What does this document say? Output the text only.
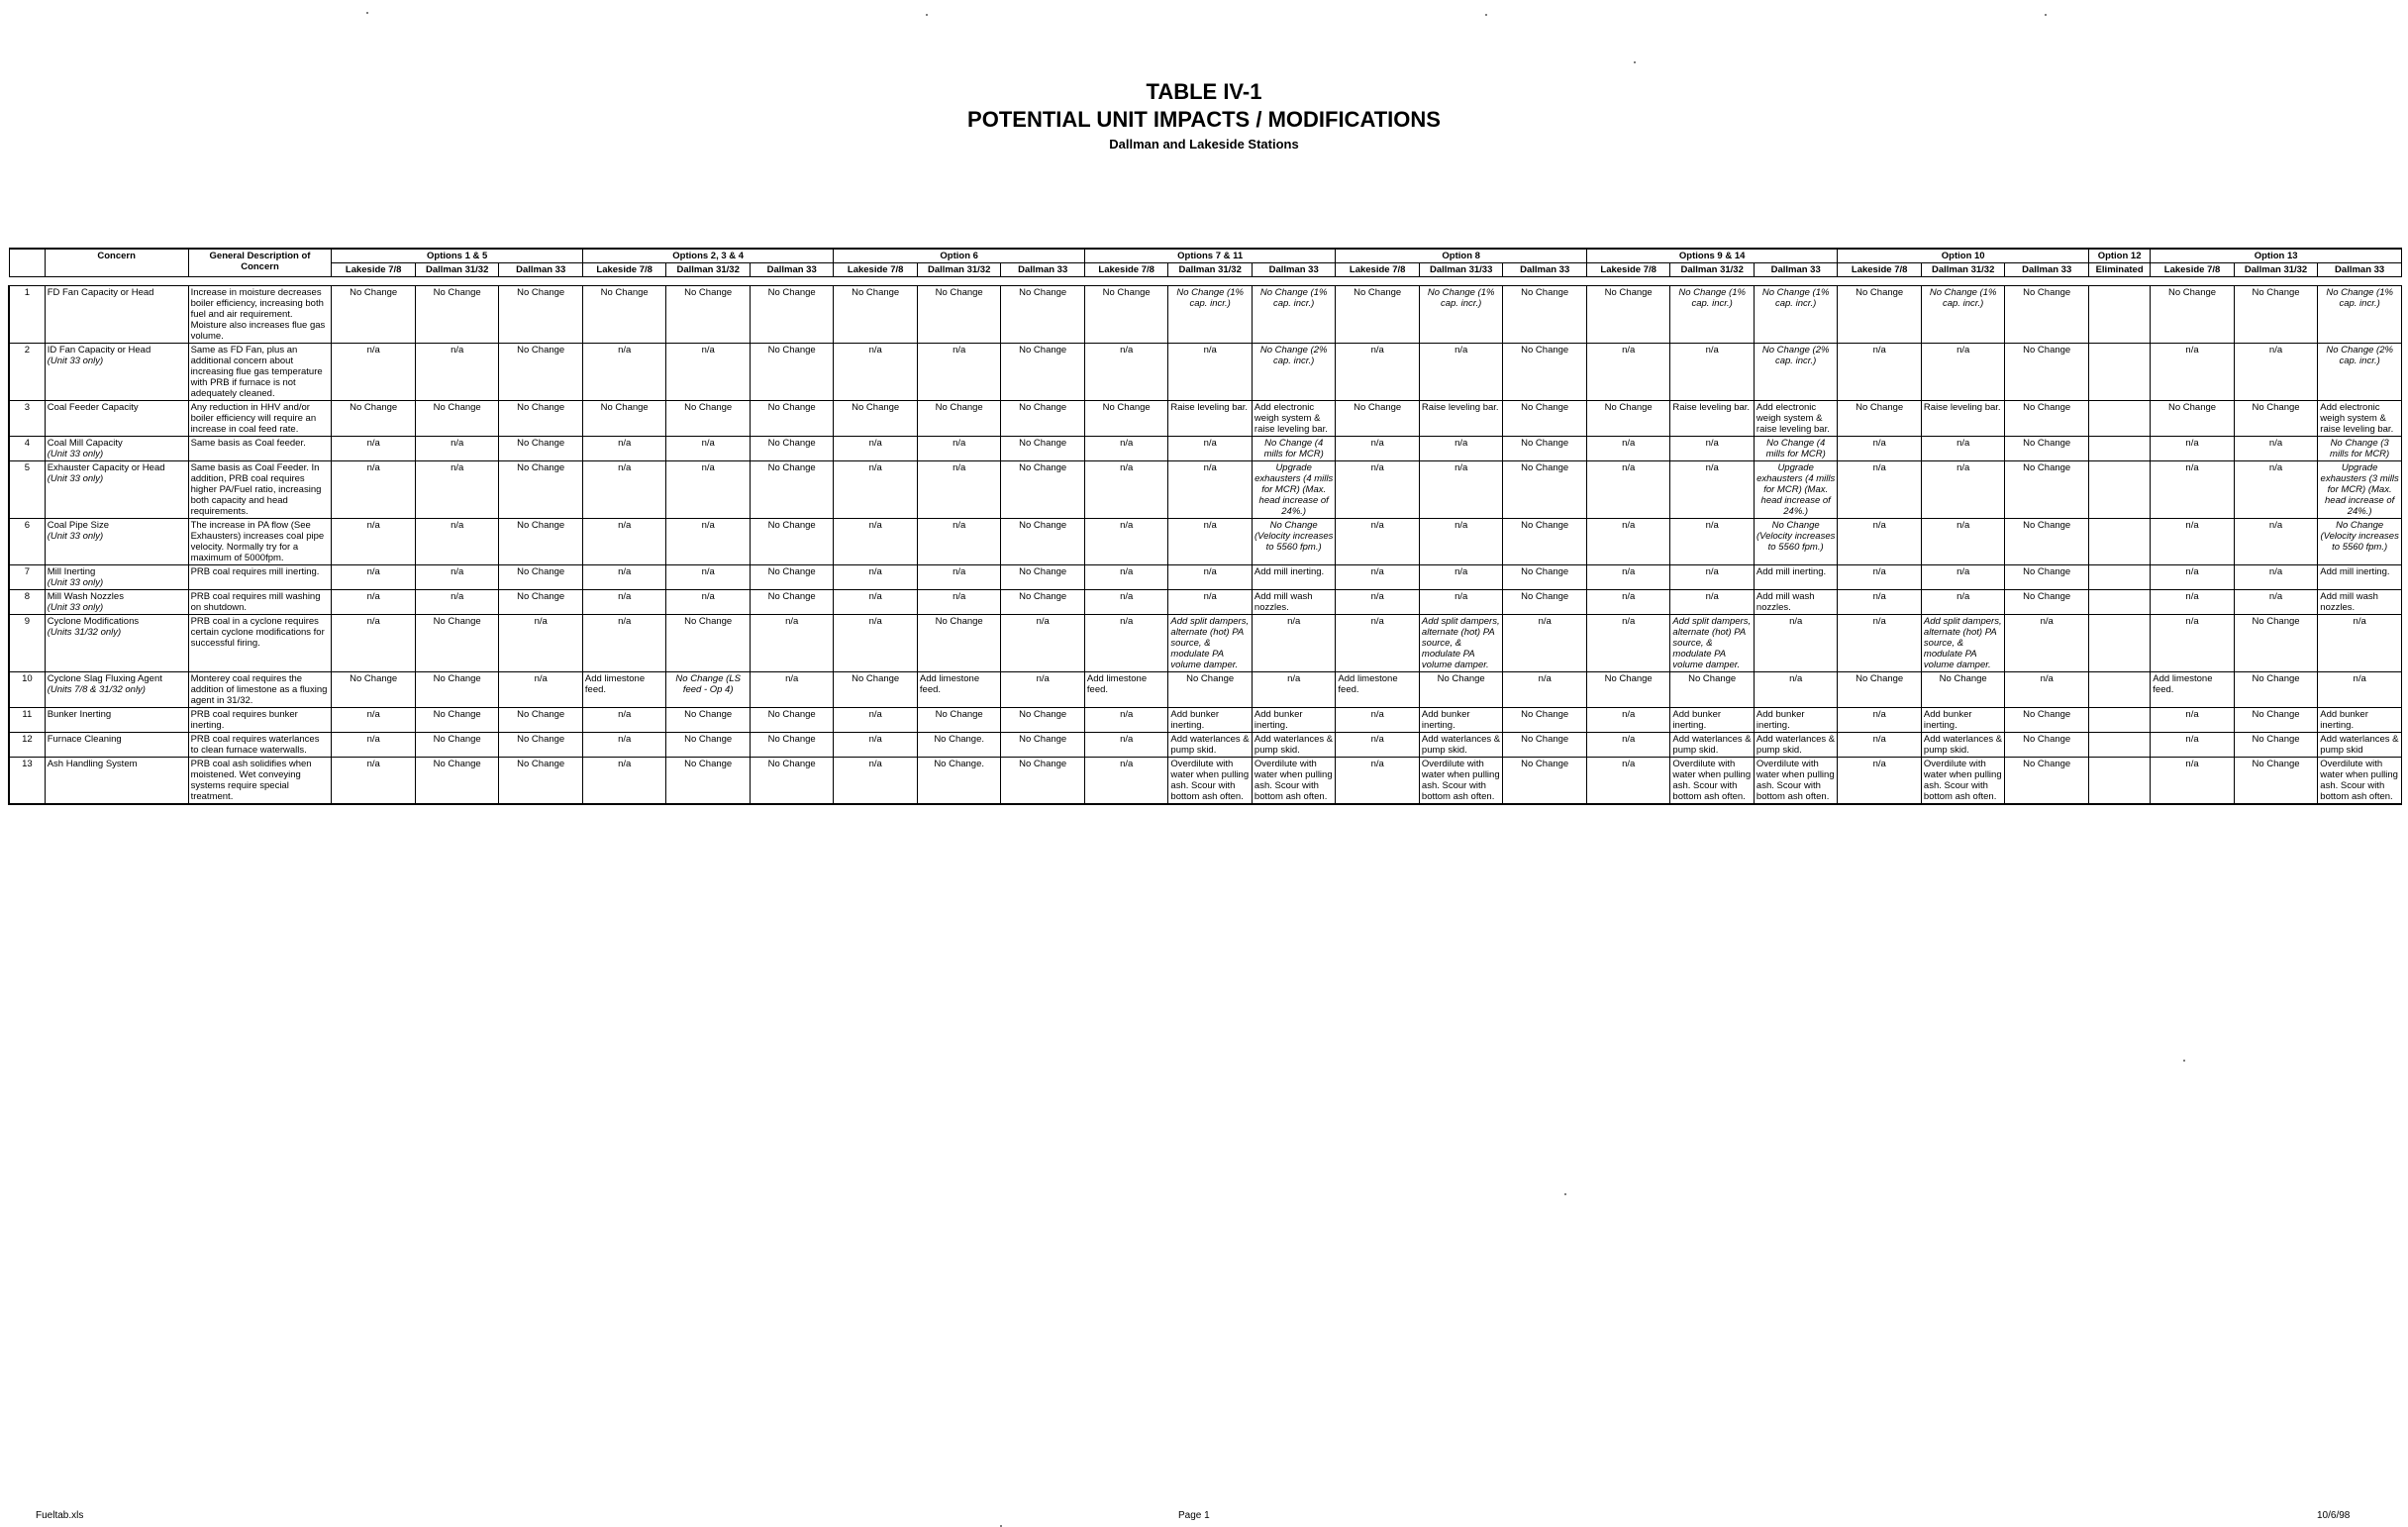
TABLE IV-1
POTENTIAL UNIT IMPACTS / MODIFICATIONS
Dallman and Lakeside Stations
	Concern	General Description of Concern	Options 1 & 5			Options 2, 3 & 4			Option 6			Options 7 & 11			Option 8			Options 9 & 14			Option 10			Option 12	Option 13		
			Lakeside 7/8	Dallman 31/32	Dallman 33	Lakeside 7/8	Dallman 31/32	Dallman 33	Lakeside 7/8	Dallman 31/32	Dallman 33	Lakeside 7/8	Dallman 31/32	Dallman 33	Lakeside 7/8	Dallman 31/33	Dallman 33	Lakeside 7/8	Dallman 31/32	Dallman 33	Lakeside 7/8	Dallman 31/32	Dallman 33	Eliminated	Lakeside 7/8	Dallman 31/32	Dallman 33

1	FD Fan Capacity or Head	Increase in moisture decreases boiler efficiency, increasing both fuel and air requirement. Moisture also increases flue gas volume.	No Change	No Change	No Change	No Change	No Change	No Change	No Change	No Change	No Change	No Change	No Change (1% cap. incr.)	No Change (1% cap. incr.)	No Change	No Change (1% cap. incr.)	No Change	No Change	No Change (1% cap. incr.)	No Change (1% cap. incr.)	No Change	No Change (1% cap. incr.)	No Change		No Change	No Change	No Change (1% cap. incr.)
2	ID Fan Capacity or Head
(Unit 33 only)	Same as FD Fan, plus an additional concern about increasing flue gas temperature with PRB if furnace is not adequately cleaned.	n/a	n/a	No Change	n/a	n/a	No Change	n/a	n/a	No Change	n/a	n/a	No Change (2% cap. incr.)	n/a	n/a	No Change	n/a	n/a	No Change (2% cap. incr.)	n/a	n/a	No Change		n/a	n/a	No Change (2% cap. incr.)
3	Coal Feeder Capacity	Any reduction in HHV and/or boiler efficiency will require an increase in coal feed rate.	No Change	No Change	No Change	No Change	No Change	No Change	No Change	No Change	No Change	No Change	Raise leveling bar.	Add electronic weigh system & raise leveling bar.	No Change	Raise leveling bar.	No Change	No Change	Raise leveling bar.	Add electronic weigh system & raise leveling bar.	No Change	Raise leveling bar.	No Change		No Change	No Change	Add electronic weigh system & raise leveling bar.
4	Coal Mill Capacity
(Unit 33 only)	Same basis as Coal feeder.	n/a	n/a	No Change	n/a	n/a	No Change	n/a	n/a	No Change	n/a	n/a	No Change (4 mills for MCR)	n/a	n/a	No Change	n/a	n/a	No Change (4 mills for MCR)	n/a	n/a	No Change		n/a	n/a	No Change (3 mills for MCR)
5	Exhauster Capacity or Head
(Unit 33 only)	Same basis as Coal Feeder. In addition, PRB coal requires higher PA/Fuel ratio, increasing both capacity and head requirements.	n/a	n/a	No Change	n/a	n/a	No Change	n/a	n/a	No Change	n/a	n/a	Upgrade exhausters (4 mills for MCR) (Max. head increase of 24%.)	n/a	n/a	No Change	n/a	n/a	Upgrade exhausters (4 mills for MCR) (Max. head increase of 24%.)	n/a	n/a	No Change		n/a	n/a	Upgrade exhausters (3 mills for MCR) (Max. head increase of 24%.)
6	Coal Pipe Size
(Unit 33 only)	The increase in PA flow (See Exhausters) increases coal pipe velocity. Normally try for a maximum of 5000fpm.	n/a	n/a	No Change	n/a	n/a	No Change	n/a	n/a	No Change	n/a	n/a	No Change (Velocity increases to 5560 fpm.)	n/a	n/a	No Change	n/a	n/a	No Change (Velocity increases to 5560 fpm.)	n/a	n/a	No Change		n/a	n/a	No Change (Velocity increases to 5560 fpm.)
7	Mill Inerting
(Unit 33 only)	PRB coal requires mill inerting.	n/a	n/a	No Change	n/a	n/a	No Change	n/a	n/a	No Change	n/a	n/a	Add mill inerting.	n/a	n/a	No Change	n/a	n/a	Add mill inerting.	n/a	n/a	No Change		n/a	n/a	Add mill inerting.
8	Mill Wash Nozzles
(Unit 33 only)	PRB coal requires mill washing on shutdown.	n/a	n/a	No Change	n/a	n/a	No Change	n/a	n/a	No Change	n/a	n/a	Add mill wash nozzles.	n/a	n/a	No Change	n/a	n/a	Add mill wash nozzles.	n/a	n/a	No Change		n/a	n/a	Add mill wash nozzles.
9	Cyclone Modifications
(Units 31/32 only)	PRB coal in a cyclone requires certain cyclone modifications for successful firing.	n/a	No Change	n/a	n/a	No Change	n/a	n/a	No Change	n/a	n/a	Add split dampers, alternate (hot) PA source, & modulate PA volume damper.	n/a	n/a	Add split dampers, alternate (hot) PA source, & modulate PA volume damper.	n/a	n/a	Add split dampers, alternate (hot) PA source, & modulate PA volume damper.	n/a	n/a	Add split dampers, alternate (hot) PA source, & modulate PA volume damper.	n/a		n/a	No Change	n/a
10	Cyclone Slag Fluxing Agent
(Units 7/8 & 31/32 only)	Monterey coal requires the addition of limestone as a fluxing agent in 31/32.	No Change	No Change	n/a	Add limestone feed.	No Change (LS feed - Op 4)	n/a	No Change	Add limestone feed.	n/a	Add limestone feed.	No Change	n/a	Add limestone feed.	No Change	n/a	No Change	No Change	n/a	No Change	No Change	n/a		Add limestone feed.	No Change	n/a
11	Bunker Inerting	PRB coal requires bunker inerting.	n/a	No Change	No Change	n/a	No Change	No Change	n/a	No Change	No Change	n/a	Add bunker inerting.	Add bunker inerting.	n/a	Add bunker inerting.	No Change	n/a	Add bunker inerting.	Add bunker inerting.	n/a	Add bunker inerting.	No Change		n/a	No Change	Add bunker inerting.
12	Furnace Cleaning	PRB coal requires waterlances to clean furnace waterwalls.	n/a	No Change	No Change	n/a	No Change	No Change	n/a	No Change.	No Change	n/a	Add waterlances & pump skid.	Add waterlances & pump skid.	n/a	Add waterlances & pump skid.	No Change	n/a	Add waterlances & pump skid.	Add waterlances & pump skid.	n/a	Add waterlances & pump skid.	No Change		n/a	No Change	Add waterlances & pump skid
13	Ash Handling System	PRB coal ash solidifies when moistened. Wet conveying systems require special treatment.	n/a	No Change	No Change	n/a	No Change	No Change	n/a	No Change.	No Change	n/a	Overdilute with water when pulling ash. Scour with bottom ash often.	Overdilute with water when pulling ash. Scour with bottom ash often.	n/a	Overdilute with water when pulling ash. Scour with bottom ash often.	No Change	n/a	Overdilute with water when pulling ash. Scour with bottom ash often.	Overdilute with water when pulling ash. Scour with bottom ash often.	n/a	Overdilute with water when pulling ash. Scour with bottom ash often.	No Change		n/a	No Change	Overdilute with water when pulling ash. Scour with bottom ash often.
Fueltab.xls	Page 1	10/6/98
